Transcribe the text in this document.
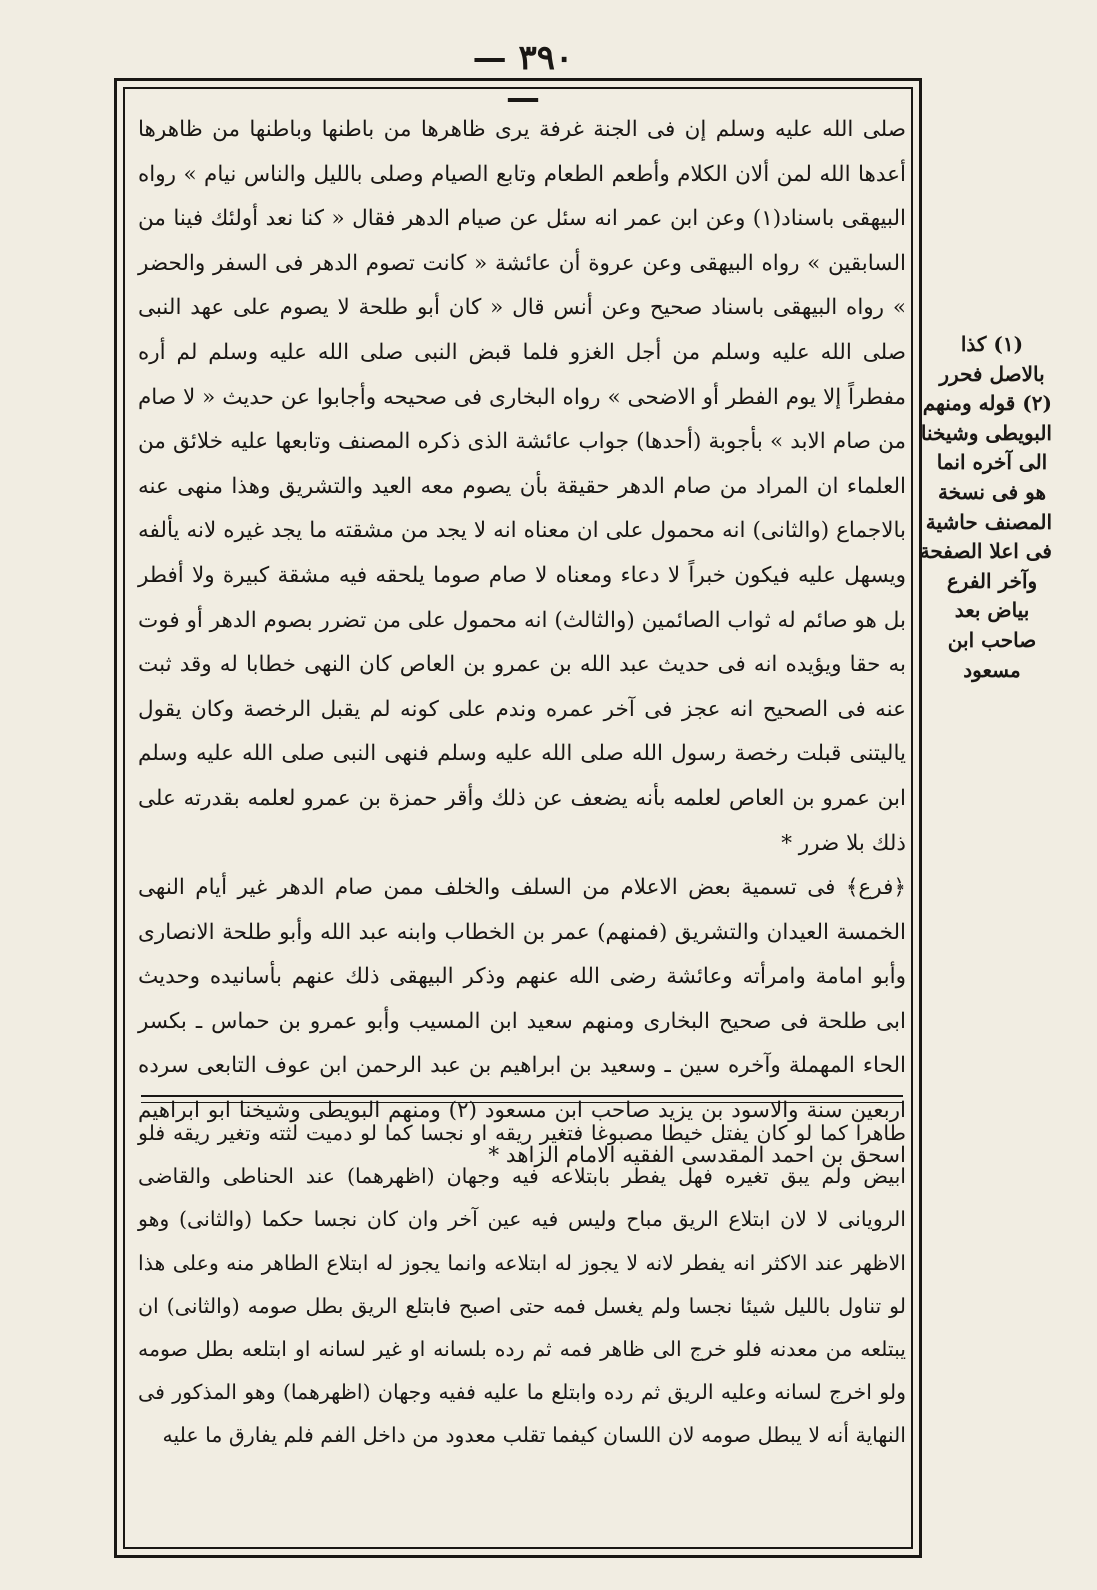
— ٣٩٠ —

صلى الله عليه وسلم إن فى الجنة غرفة يرى ظاهرها من باطنها وباطنها من ظاهرها أعدها الله لمن ألان الكلام وأطعم الطعام وتابع الصيام وصلى بالليل والناس نيام » رواه البيهقى باسناد(١) وعن ابن عمر انه سئل عن صيام الدهر فقال « كنا نعد أولئك فينا من السابقين » رواه البيهقى وعن عروة أن عائشة « كانت تصوم الدهر فى السفر والحضر » رواه البيهقى باسناد صحيح وعن أنس قال « كان أبو طلحة لا يصوم على عهد النبى صلى الله عليه وسلم من أجل الغزو فلما قبض النبى صلى الله عليه وسلم لم أره مفطراً إلا يوم الفطر أو الاضحى » رواه البخارى فى صحيحه وأجابوا عن حديث « لا صام من صام الابد » بأجوبة (أحدها) جواب عائشة الذى ذكره المصنف وتابعها عليه خلائق من العلماء ان المراد من صام الدهر حقيقة بأن يصوم معه العيد والتشريق وهذا منهى عنه بالاجماع (والثانى) انه محمول على ان معناه انه لا يجد من مشقته ما يجد غيره لانه يألفه ويسهل عليه فيكون خبراً لا دعاء ومعناه لا صام صوما يلحقه فيه مشقة كبيرة ولا أفطر بل هو صائم له ثواب الصائمين (والثالث) انه محمول على من تضرر بصوم الدهر أو فوت به حقا ويؤيده انه فى حديث عبد الله بن عمرو بن العاص كان النهى خطابا له وقد ثبت عنه فى الصحيح انه عجز فى آخر عمره وندم على كونه لم يقبل الرخصة وكان يقول ياليتنى قبلت رخصة رسول الله صلى الله عليه وسلم فنهى النبى صلى الله عليه وسلم ابن عمرو بن العاص لعلمه بأنه يضعف عن ذلك وأقر حمزة بن عمرو لعلمه بقدرته على ذلك بلا ضرر *

﴿فرع﴾ فى تسمية بعض الاعلام من السلف والخلف ممن صام الدهر غير أيام النهى الخمسة العيدان والتشريق (فمنهم) عمر بن الخطاب وابنه عبد الله وأبو طلحة الانصارى وأبو امامة وامرأته وعائشة رضى الله عنهم وذكر البيهقى ذلك عنهم بأسانيده وحديث ابى طلحة فى صحيح البخارى ومنهم سعيد ابن المسيب وأبو عمرو بن حماس ـ بكسر الحاء المهملة وآخره سين ـ وسعيد بن ابراهيم بن عبد الرحمن ابن عوف التابعى سرده اربعين سنة والاسود بن يزيد صاحب ابن مسعود (٢) ومنهم البويطى وشيخنا ابو ابراهيم اسحق بن احمد المقدسى الفقيه الامام الزاهد *

طاهرا كما لو كان يفتل خيطا مصبوغا فتغير ريقه او نجسا كما لو دميت لثته وتغير ريقه فلو ابيض ولم يبق تغيره فهل يفطر بابتلاعه فيه وجهان (اظهرهما) عند الحناطى والقاضى الرويانى لا لان ابتلاع الريق مباح وليس فيه عين آخر وان كان نجسا حكما (والثانى) وهو الاظهر عند الاكثر انه يفطر لانه لا يجوز له ابتلاعه وانما يجوز له ابتلاع الطاهر منه وعلى هذا لو تناول بالليل شيئا نجسا ولم يغسل فمه حتى اصبح فابتلع الريق بطل صومه (والثانى) ان يبتلعه من معدنه فلو خرج الى ظاهر فمه ثم رده بلسانه او غير لسانه او ابتلعه بطل صومه ولو اخرج لسانه وعليه الريق ثم رده وابتلع ما عليه ففيه وجهان (اظهرهما) وهو المذكور فى النهاية أنه لا يبطل صومه لان اللسان كيفما تقلب معدود من داخل الفم فلم يفارق ما عليه
(١) كذا
بالاصل فحرر
(٢) قوله ومنهم
البويطى وشيخنا
الى آخره انما
هو فى نسخة
المصنف حاشية
فى اعلا الصفحة
وآخر الفرع
بياض بعد
صاحب ابن
مسعود
